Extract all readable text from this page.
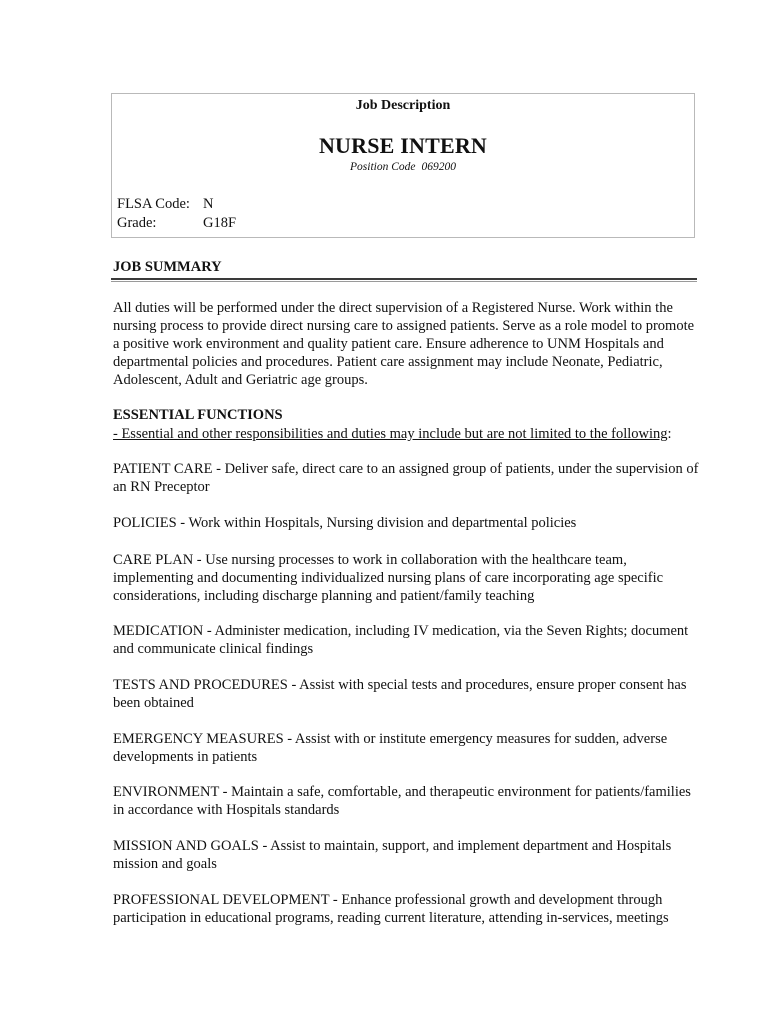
Job Description
NURSE INTERN
Position Code 069200
FLSA Code: N
Grade:	G18F
JOB SUMMARY
All duties will be performed under the direct supervision of a Registered Nurse. Work within the nursing process to provide direct nursing care to assigned patients. Serve as a role model to promote a positive work environment and quality patient care. Ensure adherence to UNM Hospitals and departmental policies and procedures. Patient care assignment may include Neonate, Pediatric, Adolescent, Adult and Geriatric age groups.
ESSENTIAL FUNCTIONS
- Essential and other responsibilities and duties may include but are not limited to the following:
PATIENT CARE - Deliver safe, direct care to an assigned group of patients, under the supervision of an RN Preceptor
POLICIES - Work within Hospitals, Nursing division and departmental policies
CARE PLAN - Use nursing processes to work in collaboration with the healthcare team, implementing and documenting individualized nursing plans of care incorporating age specific considerations, including discharge planning and patient/family teaching
MEDICATION - Administer medication, including IV medication, via the Seven Rights; document and communicate clinical findings
TESTS AND PROCEDURES - Assist with special tests and procedures, ensure proper consent has been obtained
EMERGENCY MEASURES - Assist with or institute emergency measures for sudden, adverse developments in patients
ENVIRONMENT - Maintain a safe, comfortable, and therapeutic environment for patients/families in accordance with Hospitals standards
MISSION AND GOALS - Assist to maintain, support, and implement department and Hospitals mission and goals
PROFESSIONAL DEVELOPMENT - Enhance professional growth and development through participation in educational programs, reading current literature, attending in-services, meetings
